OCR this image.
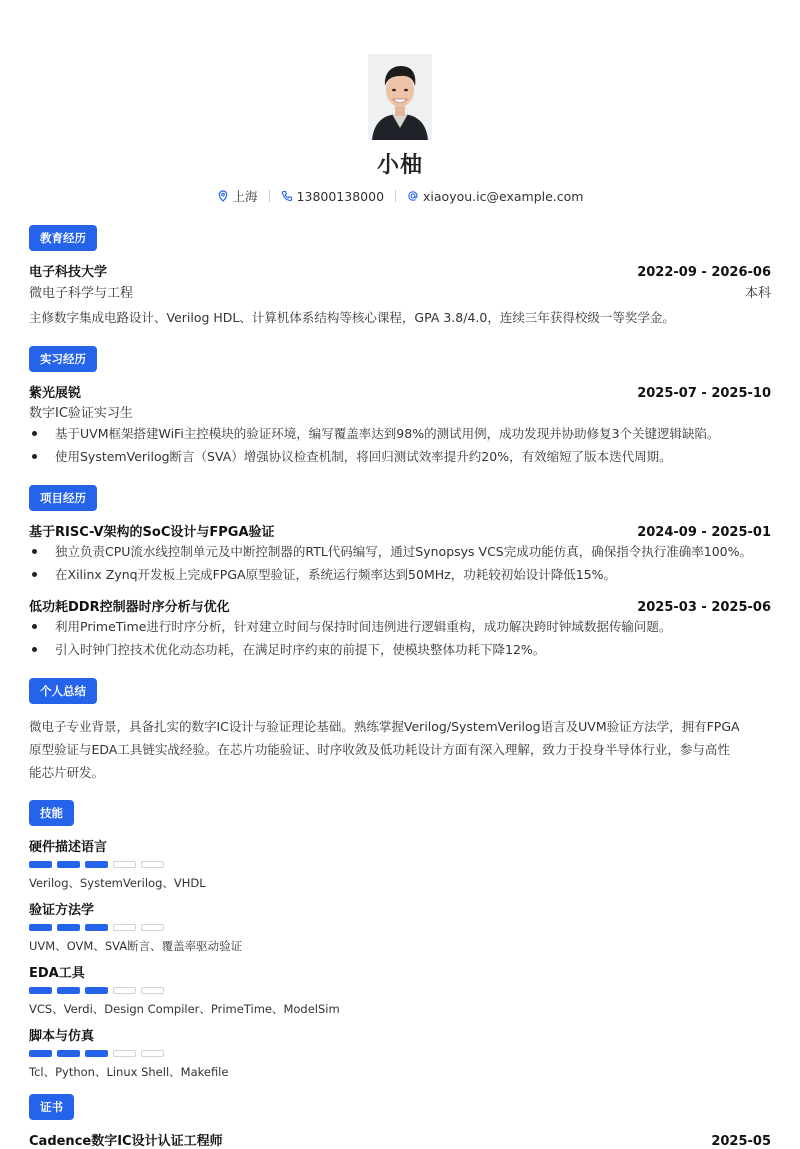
小柚
上海	13800138000	xiaoyou.ic@example.com
教育经历
电子科技大学	2022-09 - 2026-06
微电子科学与工程	本科
主修数字集成电路设计、Verilog HDL、计算机体系结构等核心课程，GPA 3.8/4.0，连续三年获得校级一等奖学金。
实习经历
紫光展锐	2025-07 - 2025-10
数字IC验证实习生
基于UVM框架搭建WiFi主控模块的验证环境，编写覆盖率达到98%的测试用例，成功发现并协助修复3个关键逻辑缺陷。
使用SystemVerilog断言（SVA）增强协议检查机制，将回归测试效率提升约20%，有效缩短了版本迭代周期。
项目经历
基于RISC-V架构的SoC设计与FPGA验证	2024-09 - 2025-01
独立负责CPU流水线控制单元及中断控制器的RTL代码编写，通过Synopsys VCS完成功能仿真，确保指令执行准确率100%。
在Xilinx Zynq开发板上完成FPGA原型验证，系统运行频率达到50MHz，功耗较初始设计降低15%。
低功耗DDR控制器时序分析与优化	2025-03 - 2025-06
利用PrimeTime进行时序分析，针对建立时间与保持时间违例进行逻辑重构，成功解决跨时钟域数据传输问题。
引入时钟门控技术优化动态功耗，在满足时序约束的前提下，使模块整体功耗下降12%。
个人总结
微电子专业背景，具备扎实的数字IC设计与验证理论基础。熟练掌握Verilog/SystemVerilog语言及UVM验证方法学，拥有FPGA
原型验证与EDA工具链实战经验。在芯片功能验证、时序收敛及低功耗设计方面有深入理解，致力于投身半导体行业，参与高性
能芯片研发。
技能
硬件描述语言
Verilog、SystemVerilog、VHDL
验证方法学
UVM、OVM、SVA断言、覆盖率驱动验证
EDA工具
VCS、Verdi、Design Compiler、PrimeTime、ModelSim
脚本与仿真
Tcl、Python、Linux Shell、Makefile
证书
Cadence数字IC设计认证工程师	2025-05
